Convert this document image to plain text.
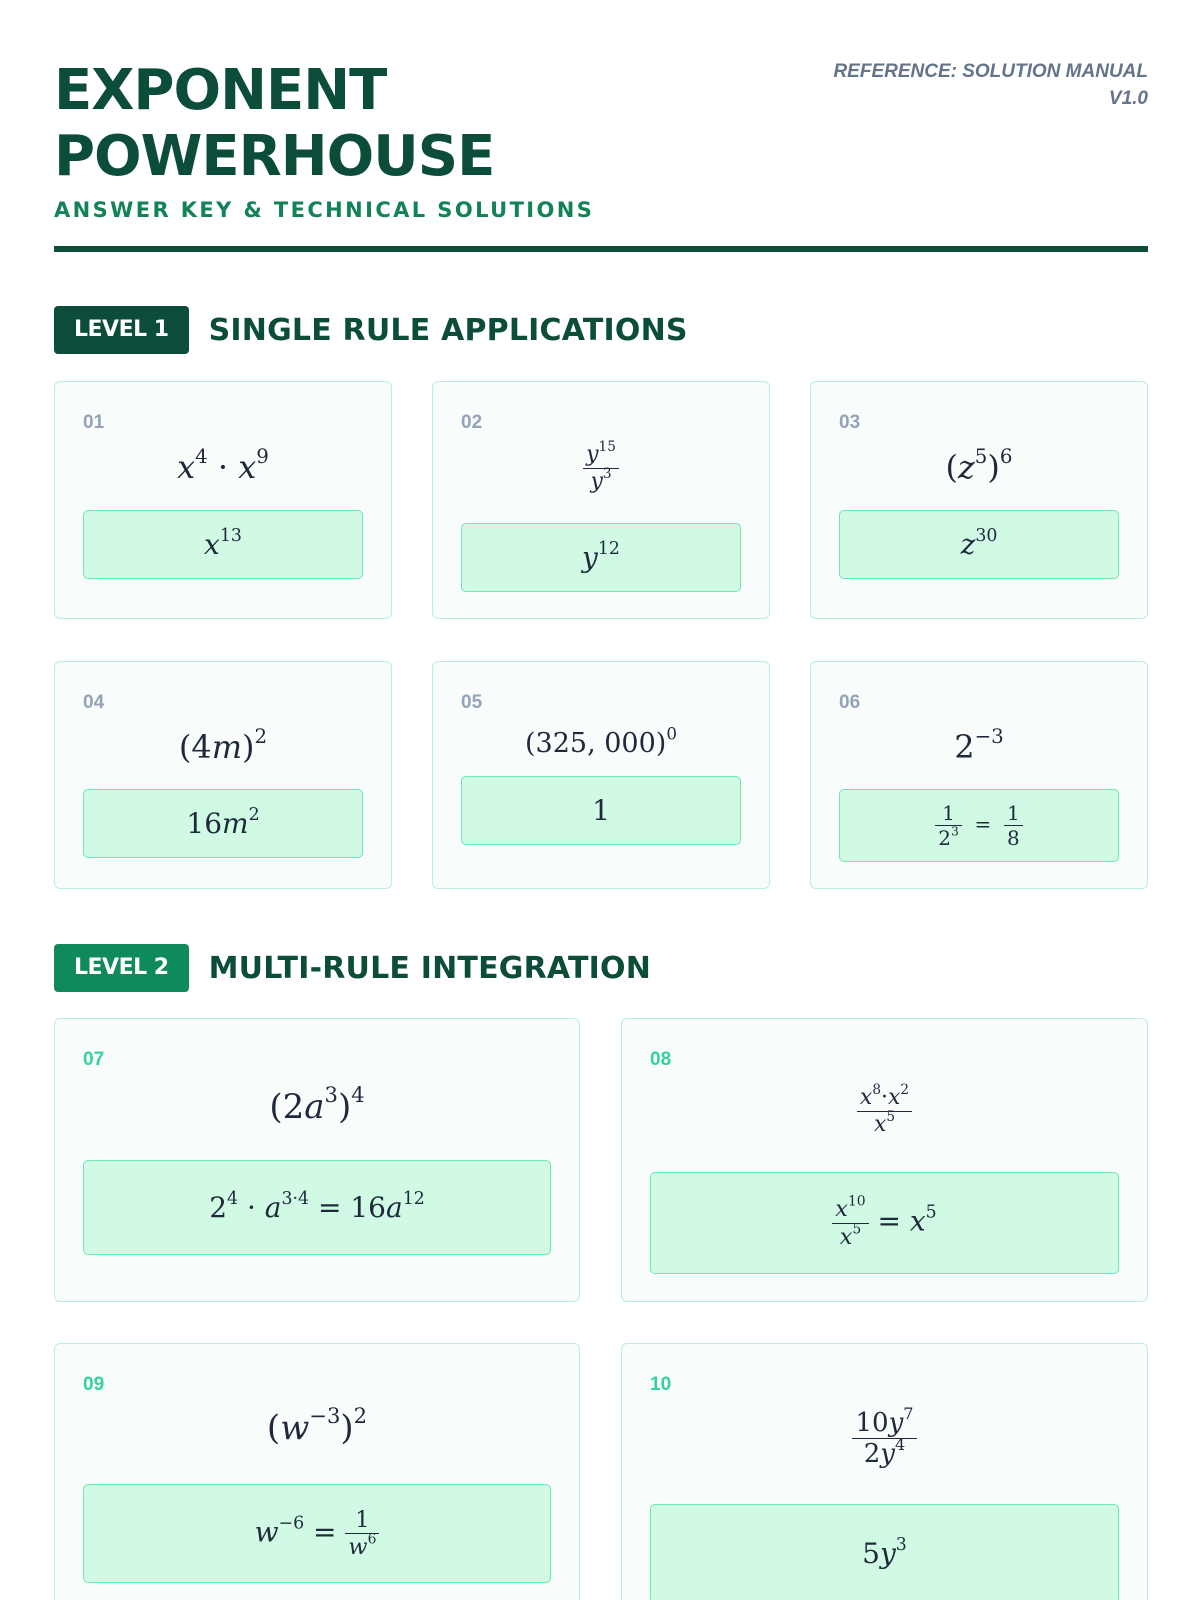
EXPONENT
POWERHOUSE
ANSWER KEY & TECHNICAL SOLUTIONS
REFERENCE: SOLUTION MANUAL
V1.0
LEVEL 1	SINGLE RULE APPLICATIONS
01
$x^4 \cdot x^9$
$x^{13}$
02
$\frac{y^{15}}{y^3}$
$y^{12}$
03
$(z^5)^6$
$z^{30}$
04
$(4m)^2$
$16m^2$
05
(325, 000)$^0$
1
06
$2^{-3}$
$\frac{1}{2^3} = \frac{1}{8}$
LEVEL 2	MULTI-RULE INTEGRATION
07
$(2a^3)^4$
$2^4 \cdot a^{3\cdot 4} = 16a^{12}$
08
$\frac{x^8\cdot x^2}{x^5}$
$\frac{x^{10}}{x^5} = x^5$
09
$(w^{-3})^2$
$w^{-6} = \frac{1}{w^6}$
10
$\frac{10y^7}{2y^4}$
$5y^3$
